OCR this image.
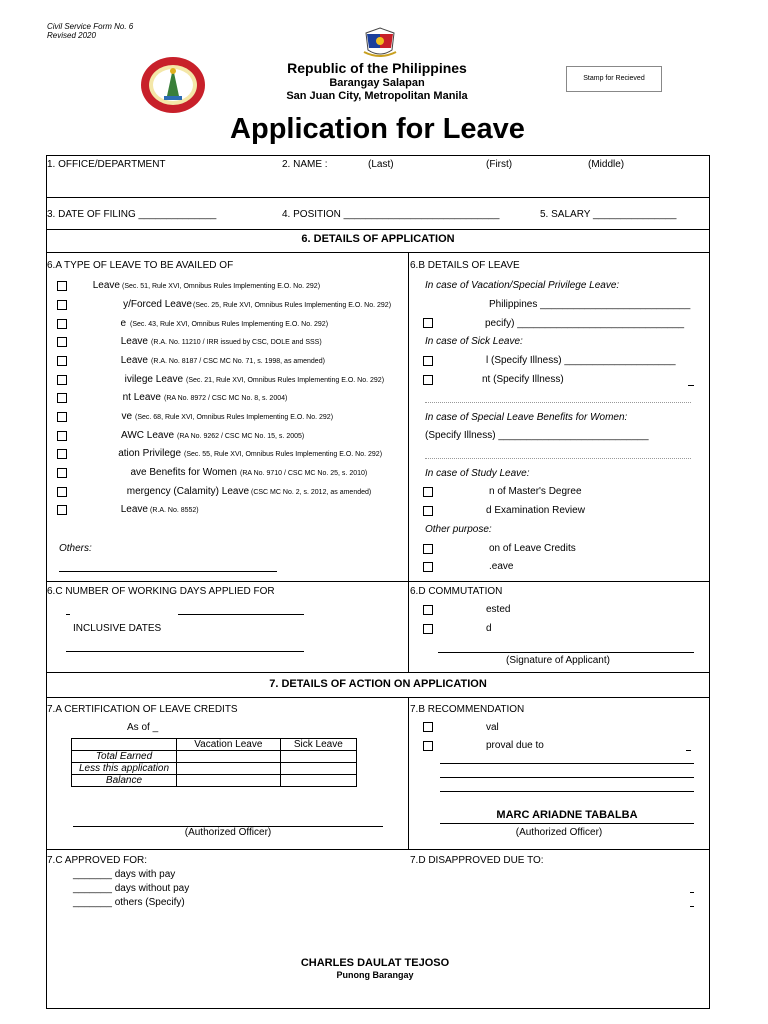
Civil Service Form No. 6
Revised 2020
Republic of the Philippines
Barangay Salapan
San Juan City, Metropolitan Manila
Stamp for Recieved
Application for Leave
1. OFFICE/DEPARTMENT	2. NAME :	(Last)	(First)	(Middle)
3. DATE OF FILING ______________	4. POSITION ____________________________	5. SALARY _______________
6. DETAILS OF APPLICATION
6.A TYPE OF LEAVE TO BE AVAILED OF
Leave (Sec. 51, Rule XVI, Omnibus Rules Implementing E.O. No. 292)
y/Forced Leave (Sec. 25, Rule XVI, Omnibus Rules Implementing E.O. No. 292)
e (Sec. 43, Rule XVI, Omnibus Rules Implementing E.O. No. 292)
Leave (R.A. No. 11210 / IRR issued by CSC, DOLE and SSS)
Leave (R.A. No. 8187 / CSC MC No. 71, s. 1998, as amended)
ivilege Leave (Sec. 21, Rule XVI, Omnibus Rules Implementing E.O. No. 292)
nt Leave (RA No. 8972 / CSC MC No. 8, s. 2004)
ve (Sec. 68, Rule XVI, Omnibus Rules Implementing E.O. No. 292)
AWC Leave (RA No. 9262 / CSC MC No. 15, s. 2005)
ation Privilege (Sec. 55, Rule XVI, Omnibus Rules Implementing E.O. No. 292)
ave Benefits for Women (RA No. 9710 / CSC MC No. 25, s. 2010)
mergency (Calamity) Leave (CSC MC No. 2, s. 2012, as amended)
Leave (R.A. No. 8552)
Others:
6.B DETAILS OF LEAVE
In case of Vacation/Special Privilege Leave:
Philippines ___________________________
pecify) ______________________________
In case of Sick Leave:
l (Specify Illness) ____________________
nt (Specify Illness)
In case of Special Leave Benefits for Women:
(Specify Illness) ___________________________
In case of Study Leave:
n of Master's Degree
d Examination Review
Other purpose:
on of Leave Credits
.eave
6.C NUMBER OF WORKING DAYS APPLIED FOR
INCLUSIVE DATES
6.D COMMUTATION
ested
d
(Signature of Applicant)
7. DETAILS OF ACTION ON APPLICATION
7.A CERTIFICATION OF LEAVE CREDITS
As of _
	Vacation Leave	Sick Leave
Total Earned		
Less this application		
Balance		
(Authorized Officer)
7.B RECOMMENDATION
val
proval due to
MARC ARIADNE TABALBA
(Authorized Officer)
7.C APPROVED FOR:
_______ days with pay
_______ days without pay
_______ others (Specify)
7.D DISAPPROVED DUE TO:
CHARLES DAULAT TEJOSO
Punong Barangay
